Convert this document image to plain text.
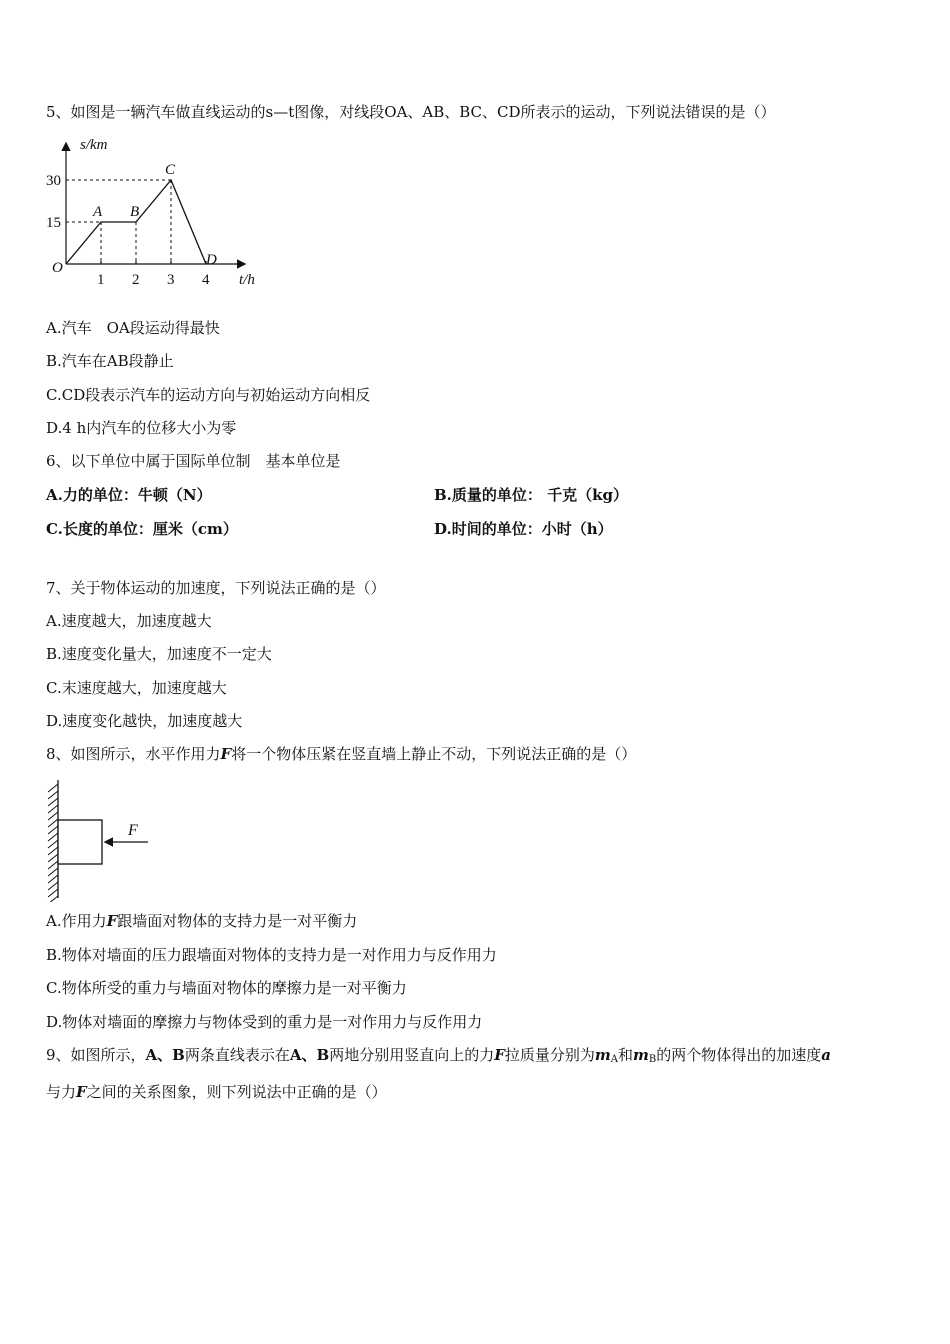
5、如图是一辆汽车做直线运动的s—t图像，对线段OA、AB、BC、CD所表示的运动，下列说法错误的是（）
1 2 3 4
15
30
A B
C
D
s/km
t/h
O
A.汽车　OA段运动得最快
B.汽车在AB段静止
C.CD段表示汽车的运动方向与初始运动方向相反
D.4 h内汽车的位移大小为零
6、以下单位中属于国际单位制　基本单位是
A.力的单位：牛顿（N）	B.质量的单位： 千克（kg）
C.长度的单位：厘米（cm）	D.时间的单位：小时（h）
7、关于物体运动的加速度，下列说法正确的是（）
A.速度越大，加速度越大
B.速度变化量大，加速度不一定大
C.末速度越大，加速度越大
D.速度变化越快，加速度越大
8、如图所示，水平作用力F将一个物体压紧在竖直墙上静止不动，下列说法正确的是（）
F
A.作用力F跟墙面对物体的支持力是一对平衡力
B.物体对墙面的压力跟墙面对物体的支持力是一对作用力与反作用力
C.物体所受的重力与墙面对物体的摩擦力是一对平衡力
D.物体对墙面的摩擦力与物体受到的重力是一对作用力与反作用力
9、如图所示，A、B两条直线表示在A、B两地分别用竖直向上的力F拉质量分别为$m_A$和$m_B$的两个物体得出的加速度a
与力F之间的关系图象，则下列说法中正确的是（）
